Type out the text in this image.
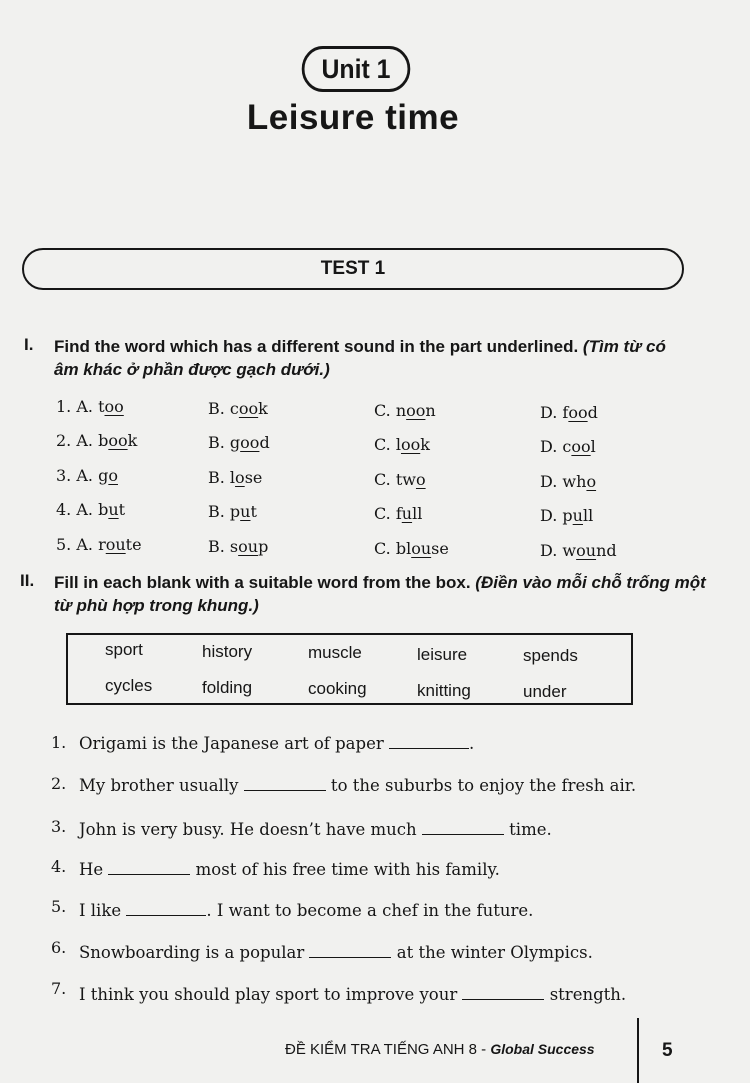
Unit 1
Leisure time
TEST 1
I. Find the word which has a different sound in the part underlined. (Tìm từ có âm khác ở phần được gạch dưới.)
1. A. too	B. cook	C. noon	D. food
2. A. book	B. good	C. look	D. cool
3. A. go	B. lose	C. two	D. who
4. A. but	B. put	C. full	D. pull
5. A. route	B. soup	C. blouse	D. wound
II. Fill in each blank with a suitable word from the box. (Điền vào mỗi chỗ trống một từ phù hợp trong khung.)
sport	history	muscle	leisure	spends
cycles	folding	cooking	knitting	under
1. Origami is the Japanese art of paper	.
2. My brother usually	to the suburbs to enjoy the fresh air.
3. John is very busy. He doesn’t have much	time.
4. He	most of his free time with his family.
5. I like	. I want to become a chef in the future.
6. Snowboarding is a popular	at the winter Olympics.
7. I think you should play sport to improve your	strength.
ĐỀ KIỂM TRA TIẾNG ANH 8 - Global Success	5
